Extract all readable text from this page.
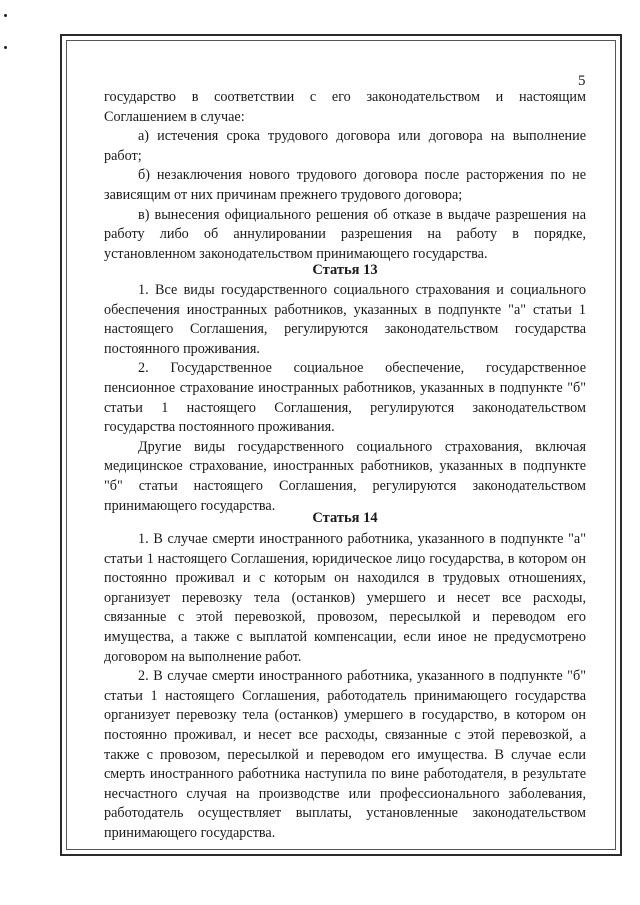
5

государство в соответствии с его законодательством и настоящим Соглашением в случае:

а) истечения срока трудового договора или договора на выполнение работ;

б) незаключения нового трудового договора после расторжения по не зависящим от них причинам прежнего трудового договора;

в) вынесения официального решения об отказе в выдаче разрешения на работу либо об аннулировании разрешения на работу в порядке, установленном законодательством принимающего государства.

Статья 13

1. Все виды государственного социального страхования и социального обеспечения иностранных работников, указанных в подпункте "а" статьи 1 настоящего Соглашения, регулируются законодательством государства постоянного проживания.

2. Государственное социальное обеспечение, государственное пенсионное страхование иностранных работников, указанных в подпункте "б" статьи 1 настоящего Соглашения, регулируются законодательством государства постоянного проживания.

Другие виды государственного социального страхования, включая медицинское страхование, иностранных работников, указанных в подпункте "б" статьи настоящего Соглашения, регулируются законодательством принимающего государства.

Статья 14

1. В случае смерти иностранного работника, указанного в подпункте "а" статьи 1 настоящего Соглашения, юридическое лицо государства, в котором он постоянно проживал и с которым он находился в трудовых отношениях, организует перевозку тела (останков) умершего и несет все расходы, связанные с этой перевозкой, провозом, пересылкой и переводом его имущества, а также с выплатой компенсации, если иное не предусмотрено договором на выполнение работ.

2. В случае смерти иностранного работника, указанного в подпункте "б" статьи 1 настоящего Соглашения, работодатель принимающего государства организует перевозку тела (останков) умершего в государство, в котором он постоянно проживал, и несет все расходы, связанные с этой перевозкой, а также с провозом, пересылкой и переводом его имущества. В случае если смерть иностранного работника наступила по вине работодателя, в результате несчастного случая на производстве или профессионального заболевания, работодатель осуществляет выплаты, установленные законодательством принимающего государства.
